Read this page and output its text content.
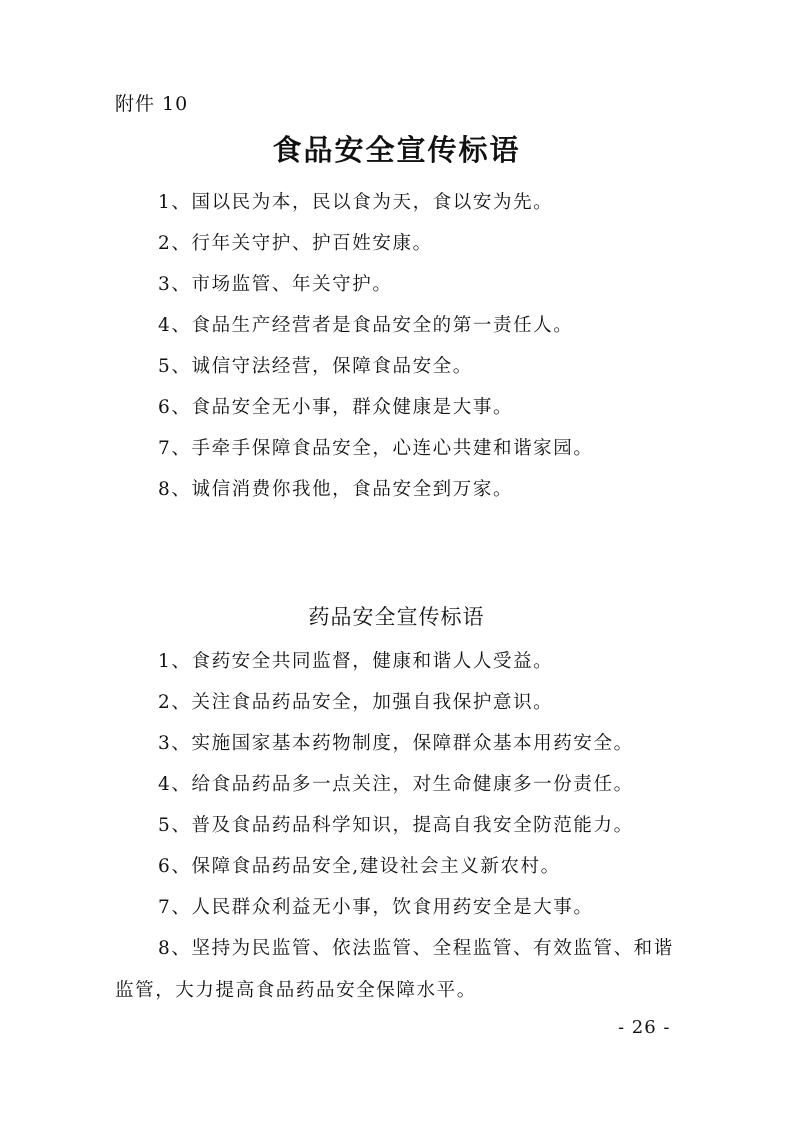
附件 10
食品安全宣传标语
1、国以民为本，民以食为天，食以安为先。
2、行年关守护、护百姓安康。
3、市场监管、年关守护。
4、食品生产经营者是食品安全的第一责任人。
5、诚信守法经营，保障食品安全。
6、食品安全无小事，群众健康是大事。
7、手牵手保障食品安全，心连心共建和谐家园。
8、诚信消费你我他，食品安全到万家。
药品安全宣传标语
1、食药安全共同监督，健康和谐人人受益。
2、关注食品药品安全，加强自我保护意识。
3、实施国家基本药物制度，保障群众基本用药安全。
4、给食品药品多一点关注，对生命健康多一份责任。
5、普及食品药品科学知识，提高自我安全防范能力。
6、保障食品药品安全,建设社会主义新农村。
7、人民群众利益无小事，饮食用药安全是大事。
8、坚持为民监管、依法监管、全程监管、有效监管、和谐监管，大力提高食品药品安全保障水平。
- 26 -
